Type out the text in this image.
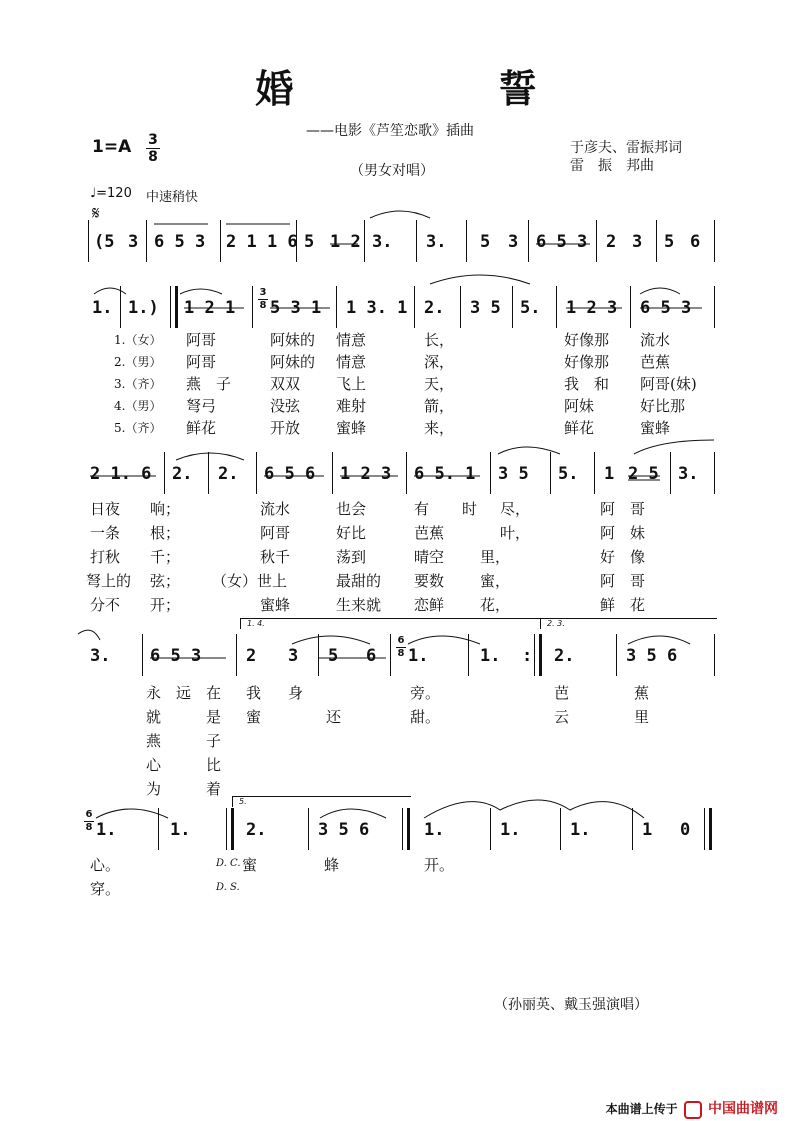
婚 誓
——电影《芦笙恋歌》插曲
1=A 3
8
（男女对唱）
于彦夫、雷振邦词
雷　振　邦曲
♩=120 中速稍快
𝄋
(5 3 6 5 3 2 1 1 6 5 1 2 3. 3. 5 3 6 5 3 2 3 5 6
1. 1.) 1 2 1
3
8 5 3 1 1 3. 1 2. 3 5 5. 1 2 3 6 5 3
1.（女） 阿哥	阿妹的 情意	长，	好像那 流水
2.（男） 阿哥	阿妹的 情意	深，	好像那 芭蕉
3.（齐） 燕　子	双双 飞上	天，	我　和 阿哥(妹)
4.（男） 弩弓	没弦 难射	箭，	阿妹	好比那
5.（齐） 鲜花	开放 蜜蜂	来，	鲜花	蜜蜂
2 1. 6 2. 2. 6 5 6 1 2 3 6 5. 1 3 5 5. 1 2 5 3.
日夜 响；	流水	也会	有 时 尽，	阿 哥
一条 根；	阿哥	好比	芭蕉	叶，	阿 妹
打秋 千；	秋千	荡到	晴空 里，	好 像
弩上的 弦； （女）世上	最甜的 要数 蜜，	阿 哥
分不 开；	蜜蜂	生来就 恋鲜 花，	鲜 花
1. 4.	2. 3.
3. 6 5 3	2 3 5 6
6
8 1.	1. : 2.	3 5 6
永 远 在 我 身	旁。	芭	蕉
就	是 蜜	还	甜。	云	里
燕	子
心	比
为	着
5.
6
8 1.	1.	2.	3 5 6	1.	1.	1.	1 0
心。	D. C. 蜜	蜂	开。
穿。	D. S.
（孙丽英、戴玉强演唱）
本曲谱上传于 中国曲谱网
